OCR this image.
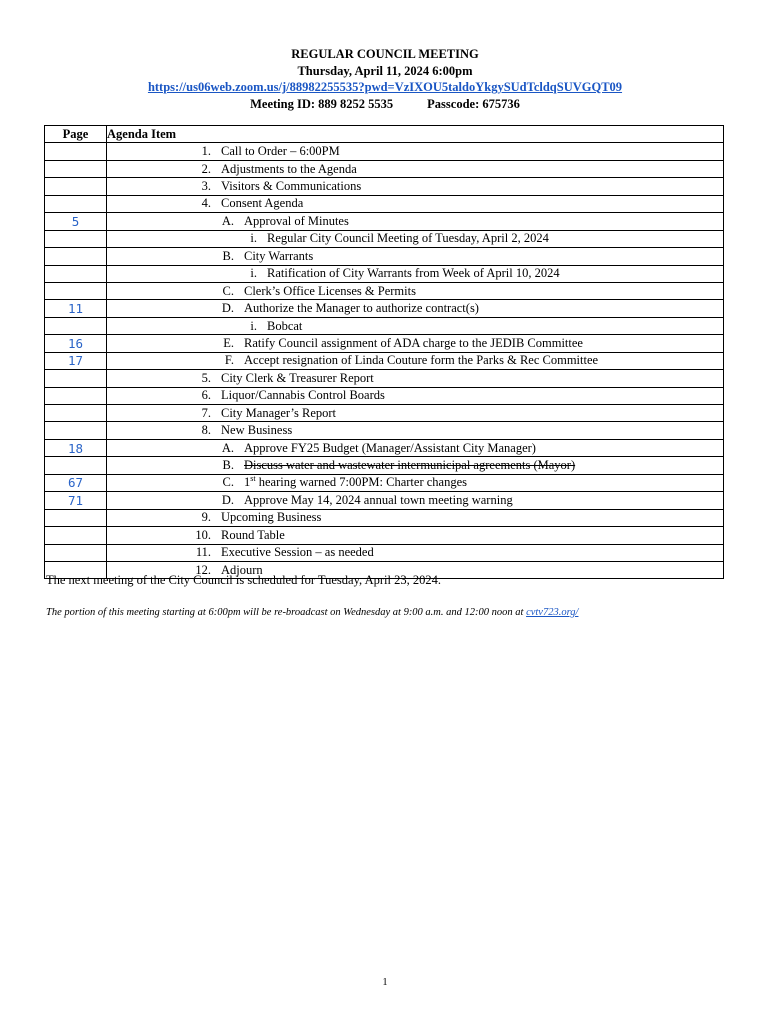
REGULAR COUNCIL MEETING
Thursday, April 11, 2024 6:00pm
https://us06web.zoom.us/j/88982255535?pwd=VzIXOU5taldoYkgySUdTcldqSUVGQT09
Meeting ID: 889 8252 5535	Passcode: 675736
Page	Agenda Item

	1. Call to Order – 6:00PM

	2. Adjustments to the Agenda

	3. Visitors & Communications

	4. Consent Agenda

5	A. Approval of Minutes

	i. Regular City Council Meeting of Tuesday, April 2, 2024

	B. City Warrants

	i. Ratification of City Warrants from Week of April 10, 2024

	C. Clerk’s Office Licenses & Permits

11	D. Authorize the Manager to authorize contract(s)

	i. Bobcat

16	E. Ratify Council assignment of ADA charge to the JEDIB Committee

17	F. Accept resignation of Linda Couture form the Parks & Rec Committee

	5. City Clerk & Treasurer Report

	6. Liquor/Cannabis Control Boards

	7. City Manager’s Report

	8. New Business

18	A. Approve FY25 Budget (Manager/Assistant City Manager)

	B. Discuss water and wastewater intermunicipal agreements (Mayor)

67	C. 1st hearing warned 7:00PM: Charter changes

71	D. Approve May 14, 2024 annual town meeting warning

	9. Upcoming Business

	10. Round Table

	11. Executive Session – as needed

	12. Adjourn
The next meeting of the City Council is scheduled for Tuesday, April 23, 2024.
The portion of this meeting starting at 6:00pm will be re-broadcast on Wednesday at 9:00 a.m. and 12:00 noon at cvtv723.org/
1
